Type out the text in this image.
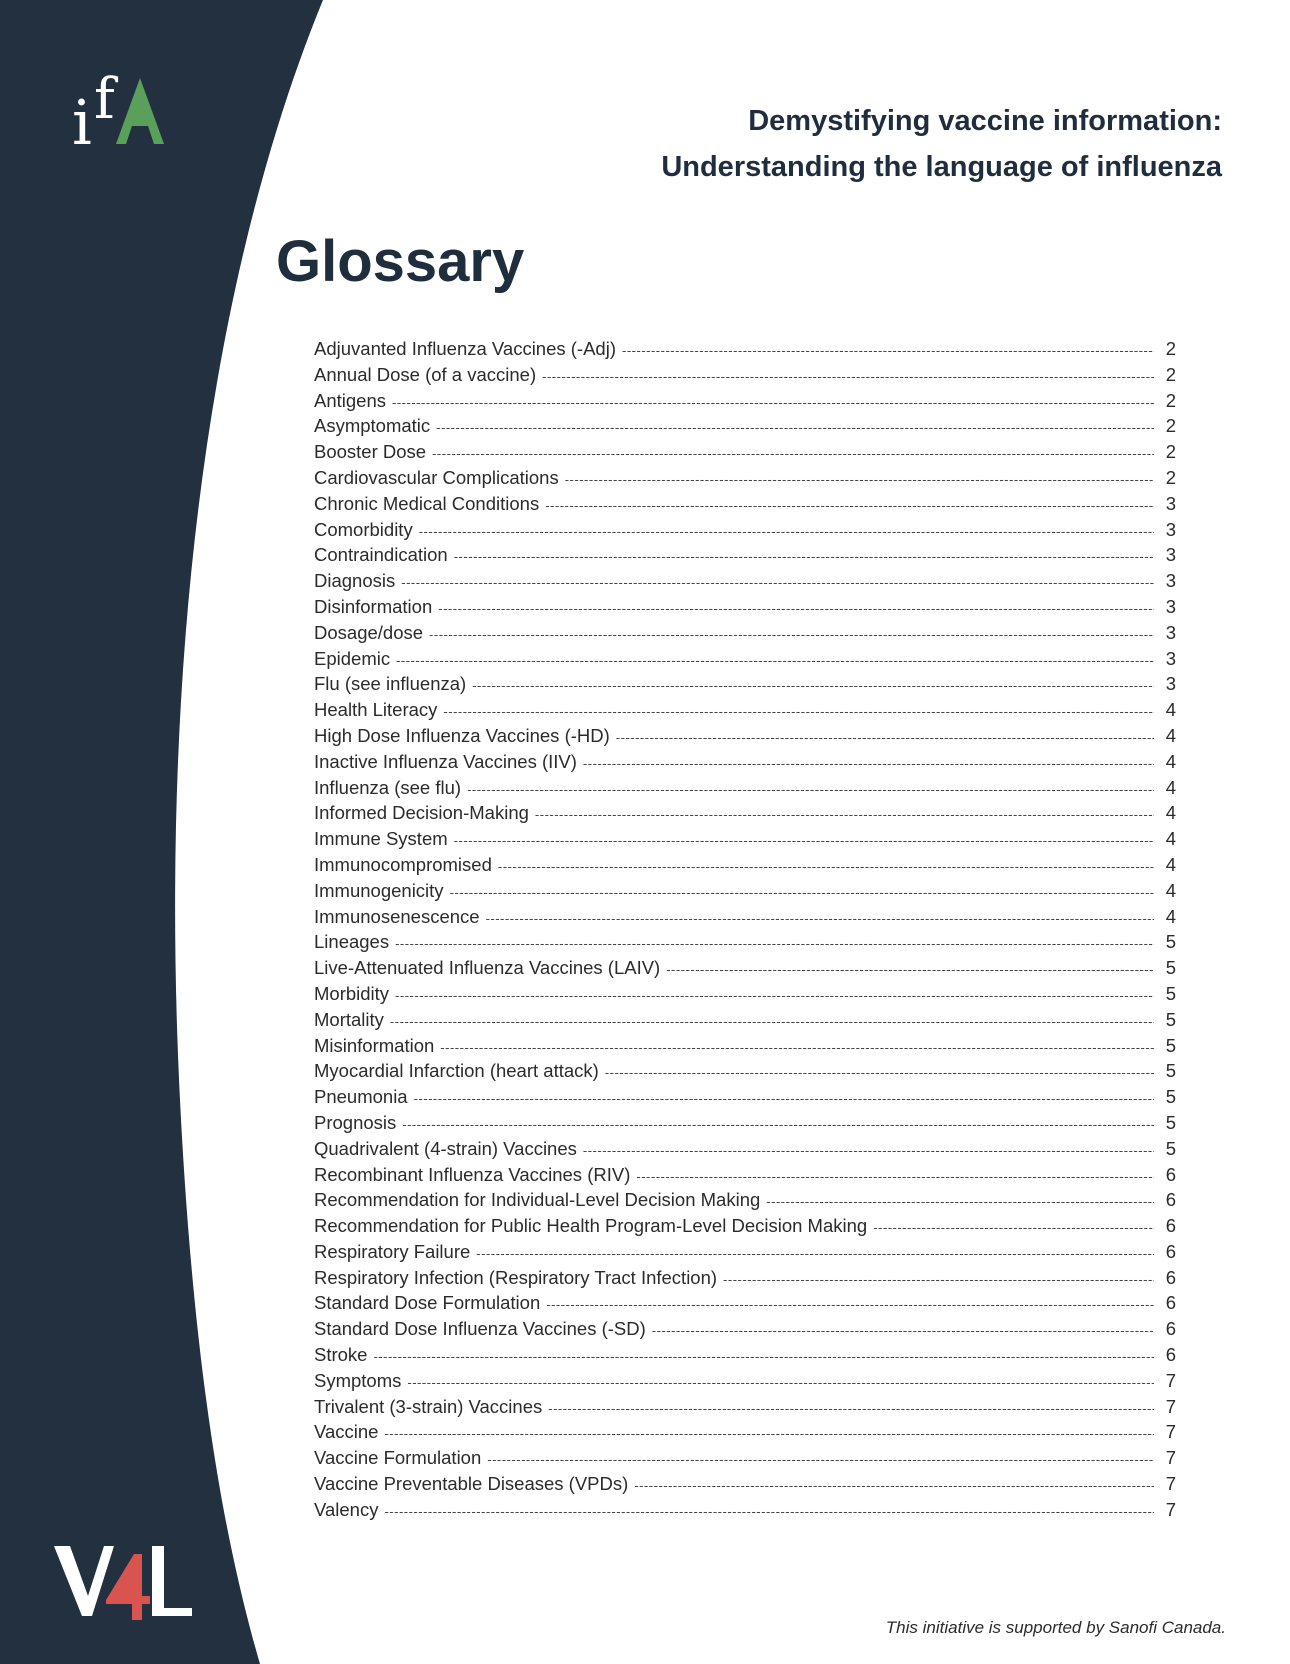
i f	Demystifying vaccine information:
Understanding the language of influenza
Glossary
Adjuvanted Influenza Vaccines (-Adj) -----	2
Annual Dose (of a vaccine) -----	2
Antigens -----	2
Asymptomatic -----	2
Booster Dose -----	2
Cardiovascular Complications -----	2
Chronic Medical Conditions -----	3
Comorbidity -----	3
Contraindication -----	3
Diagnosis -----	3
Disinformation -----	3
Dosage/dose -----	3
Epidemic -----	3
Flu (see influenza) -----	3
Health Literacy -----	4
High Dose Influenza Vaccines (-HD) -----	4
Inactive Influenza Vaccines (IIV) -----	4
Influenza (see flu) -----	4
Informed Decision-Making -----	4
Immune System -----	4
Immunocompromised -----	4
Immunogenicity -----	4
Immunosenescence -----	4
Lineages -----	5
Live-Attenuated Influenza Vaccines (LAIV) -----	5
Morbidity -----	5
Mortality -----	5
Misinformation -----	5
Myocardial Infarction (heart attack) -----	5
Pneumonia -----	5
Prognosis -----	5
Quadrivalent (4-strain) Vaccines -----	5
Recombinant Influenza Vaccines (RIV) -----	6
Recommendation for Individual-Level Decision Making -----	6
Recommendation for Public Health Program-Level Decision Making -----	6
Respiratory Failure -----	6
Respiratory Infection (Respiratory Tract Infection) -----	6
Standard Dose Formulation -----	6
Standard Dose Influenza Vaccines (-SD) -----	6
Stroke -----	6
Symptoms -----	7
Trivalent (3-strain) Vaccines -----	7
Vaccine -----	7
Vaccine Formulation -----	7
Vaccine Preventable Diseases (VPDs) -----	7
Valency -----	7
This initiative is supported by Sanofi Canada.
